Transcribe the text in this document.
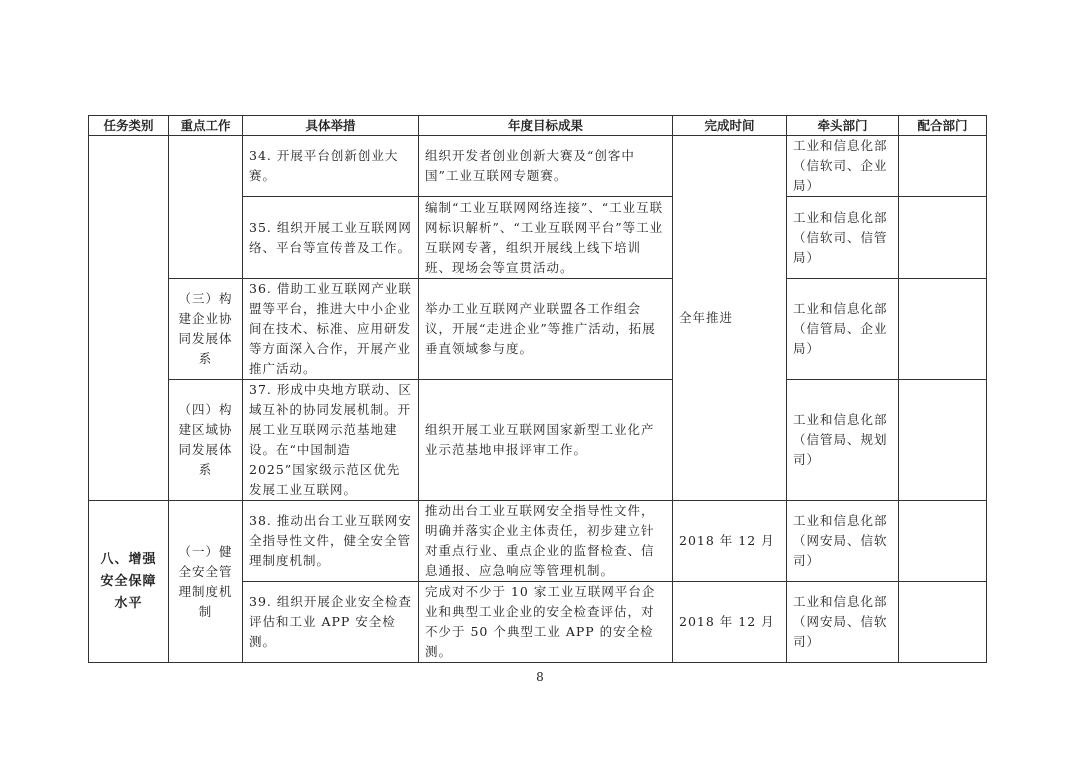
任务类别	重点工作	具体举措	年度目标成果	完成时间	牵头部门	配合部门
		34. 开展平台创新创业大赛。	组织开发者创业创新大赛及“创客中国”工业互联网专题赛。	全年推进	工业和信息化部（信软司、企业局）	
		35. 组织开展工业互联网网络、平台等宣传普及工作。	编制“工业互联网网络连接”、“工业互联网标识解析”、“工业互联网平台”等工业互联网专著，组织开展线上线下培训班、现场会等宣贯活动。		工业和信息化部（信软司、信管局）	
	（三）构建企业协同发展体系	36. 借助工业互联网产业联盟等平台，推进大中小企业间在技术、标准、应用研发等方面深入合作，开展产业推广活动。	举办工业互联网产业联盟各工作组会议，开展“走进企业”等推广活动，拓展垂直领域参与度。		工业和信息化部（信管局、企业局）	
	（四）构建区域协同发展体系	37. 形成中央地方联动、区域互补的协同发展机制。开展工业互联网示范基地建设。在“中国制造 2025”国家级示范区优先发展工业互联网。	组织开展工业互联网国家新型工业化产业示范基地申报评审工作。		工业和信息化部（信管局、规划司）	
八、增强安全保障水平	（一）健全安全管理制度机制	38. 推动出台工业互联网安全指导性文件，健全安全管理制度机制。	推动出台工业互联网安全指导性文件，明确并落实企业主体责任，初步建立针对重点行业、重点企业的监督检查、信息通报、应急响应等管理机制。	2018 年 12 月	工业和信息化部（网安局、信软司）	
		39. 组织开展企业安全检查评估和工业 APP 安全检测。	完成对不少于 10 家工业互联网平台企业和典型工业企业的安全检查评估，对不少于 50 个典型工业 APP 的安全检测。	2018 年 12 月	工业和信息化部（网安局、信软司）	
8
